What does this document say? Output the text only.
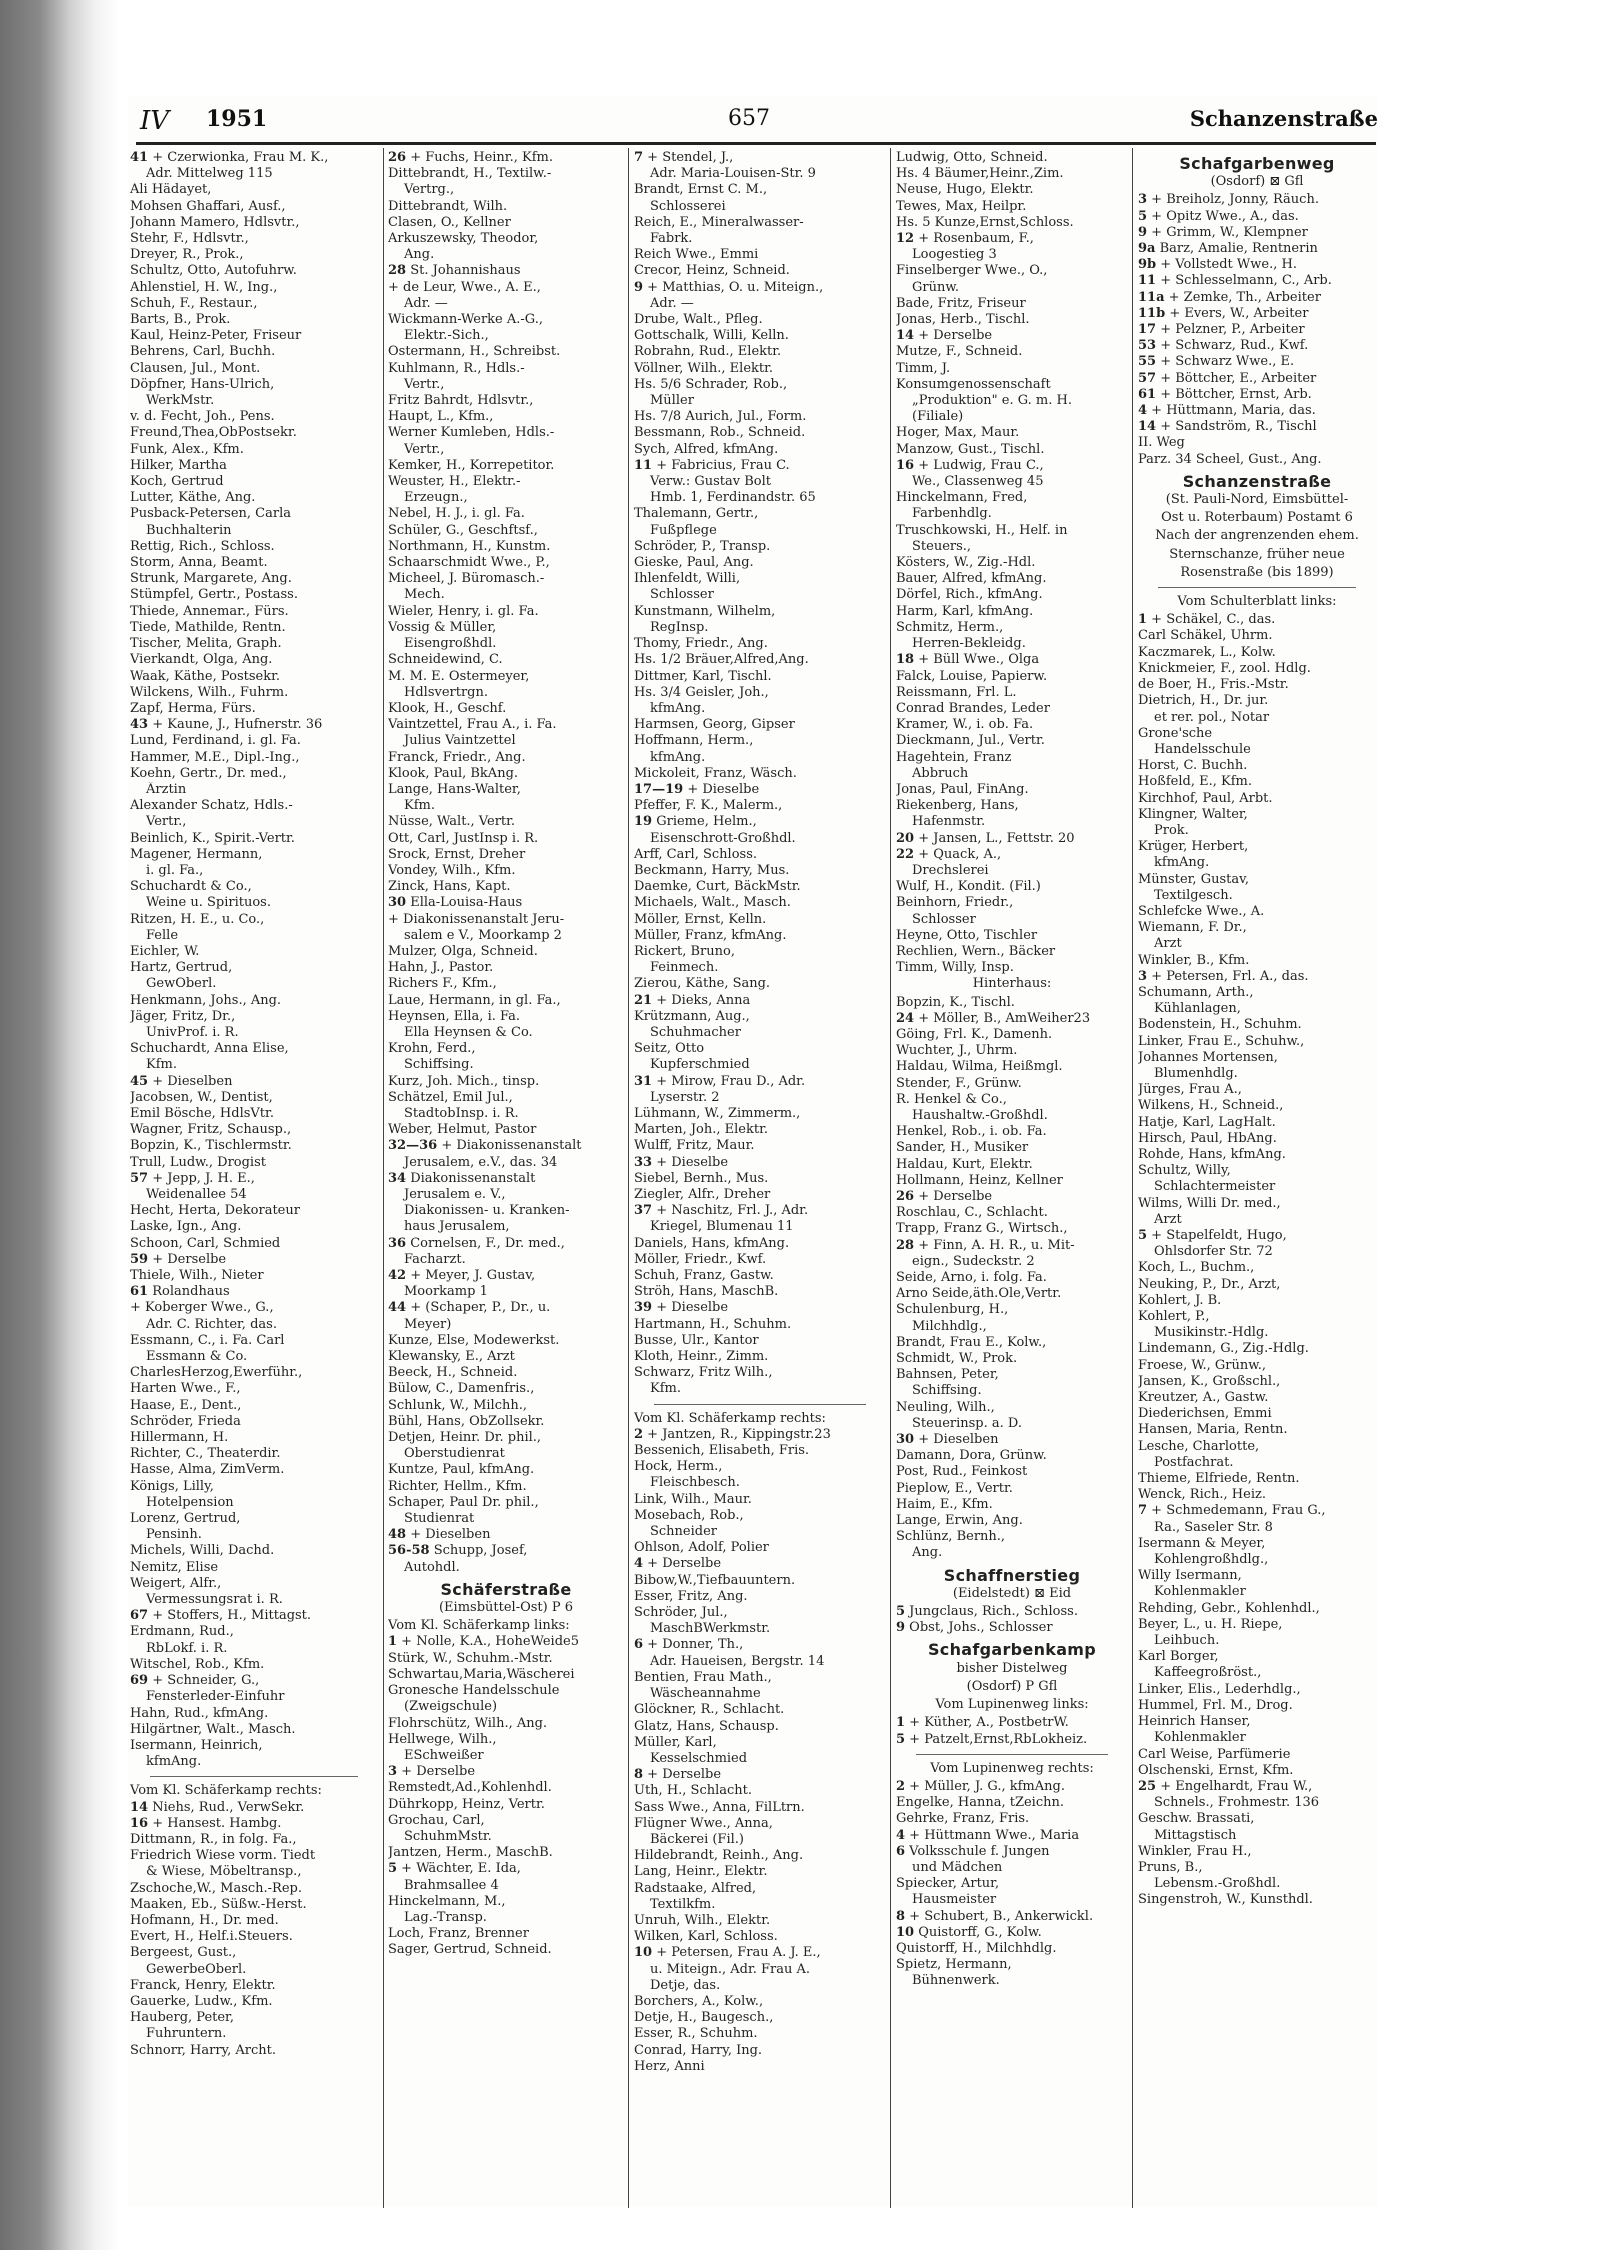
IV 1951	657	Schanzenstraße
41 + Czerwionka, Frau M. K.,
Adr. Mittelweg 115
Ali Hädayet,
Mohsen Ghaffari, Ausf.,
Johann Mamero, Hdlsvtr.,
Stehr, F., Hdlsvtr.,
Dreyer, R., Prok.,
Schultz, Otto, Autofuhrw.
Ahlenstiel, H. W., Ing.,
Schuh, F., Restaur.,
Barts, B., Prok.
Kaul, Heinz-Peter, Friseur
Behrens, Carl, Buchh.
Clausen, Jul., Mont.
Döpfner, Hans-Ulrich,
WerkMstr.
v. d. Fecht, Joh., Pens.
Freund,Thea,ObPostsekr.
Funk, Alex., Kfm.
Hilker, Martha
Koch, Gertrud
Lutter, Käthe, Ang.
Pusback-Petersen, Carla
Buchhalterin
Rettig, Rich., Schloss.
Storm, Anna, Beamt.
Strunk, Margarete, Ang.
Stümpfel, Gertr., Postass.
Thiede, Annemar., Fürs.
Tiede, Mathilde, Rentn.
Tischer, Melita, Graph.
Vierkandt, Olga, Ang.
Waak, Käthe, Postsekr.
Wilckens, Wilh., Fuhrm.
Zapf, Herma, Fürs.
43 + Kaune, J., Hufnerstr. 36
Lund, Ferdinand, i. gl. Fa.
Hammer, M.E., Dipl.-Ing.,
Koehn, Gertr., Dr. med.,
Ärztin
Alexander Schatz, Hdls.-
Vertr.,
Beinlich, K., Spirit.-Vertr.
Magener, Hermann,
i. gl. Fa.,
Schuchardt & Co.,
Weine u. Spirituos.
Ritzen, H. E., u. Co.,
Felle
Eichler, W.
Hartz, Gertrud,
GewOberl.
Henkmann, Johs., Ang.
Jäger, Fritz, Dr.,
UnivProf. i. R.
Schuchardt, Anna Elise,
Kfm.
45 + Dieselben
Jacobsen, W., Dentist,
Emil Bösche, HdlsVtr.
Wagner, Fritz, Schausp.,
Bopzin, K., Tischlermstr.
Trull, Ludw., Drogist
57 + Jepp, J. H. E.,
Weidenallee 54
Hecht, Herta, Dekorateur
Laske, Ign., Ang.
Schoon, Carl, Schmied
59 + Derselbe
Thiele, Wilh., Nieter
61 Rolandhaus
+ Koberger Wwe., G.,
Adr. C. Richter, das.
Essmann, C., i. Fa. Carl
Essmann & Co.
CharlesHerzog,Ewerführ.,
Harten Wwe., F.,
Haase, E., Dent.,
Schröder, Frieda
Hillermann, H.
Richter, C., Theaterdir.
Hasse, Alma, ZimVerm.
Königs, Lilly,
Hotelpension
Lorenz, Gertrud,
Pensinh.
Michels, Willi, Dachd.
Nemitz, Elise
Weigert, Alfr.,
Vermessungsrat i. R.
67 + Stoffers, H., Mittagst.
Erdmann, Rud.,
RbLokf. i. R.
Witschel, Rob., Kfm.
69 + Schneider, G.,
Fensterleder-Einfuhr
Hahn, Rud., kfmAng.
Hilgärtner, Walt., Masch.
Isermann, Heinrich,
kfmAng.
Vom Kl. Schäferkamp rechts:
14 Niehs, Rud., VerwSekr.
16 + Hansest. Hambg.
Dittmann, R., in folg. Fa.,
Friedrich Wiese vorm. Tiedt
& Wiese, Möbeltransp.,
Zschoche,W., Masch.-Rep.
Maaken, Eb., Süßw.-Herst.
Hofmann, H., Dr. med.
Evert, H., Helf.i.Steuers.
Bergeest, Gust.,
GewerbeOberl.
Franck, Henry, Elektr.
Gauerke, Ludw., Kfm.
Hauberg, Peter,
Fuhruntern.
Schnorr, Harry, Archt.
26 + Fuchs, Heinr., Kfm.
Dittebrandt, H., Textilw.-
Vertrg.,
Dittebrandt, Wilh.
Clasen, O., Kellner
Arkuszewsky, Theodor,
Ang.
28 St. Johannishaus
+ de Leur, Wwe., A. E.,
Adr. —
Wickmann-Werke A.-G.,
Elektr.-Sich.,
Ostermann, H., Schreibst.
Kuhlmann, R., Hdls.-
Vertr.,
Fritz Bahrdt, Hdlsvtr.,
Haupt, L., Kfm.,
Werner Kumleben, Hdls.-
Vertr.,
Kemker, H., Korrepetitor.
Weuster, H., Elektr.-
Erzeugn.,
Nebel, H. J., i. gl. Fa.
Schüler, G., Geschftsf.,
Northmann, H., Kunstm.
Schaarschmidt Wwe., P.,
Micheel, J. Büromasch.-
Mech.
Wieler, Henry, i. gl. Fa.
Vossig & Müller,
Eisengroßhdl.
Schneidewind, C.
M. M. E. Ostermeyer,
Hdlsvertrgn.
Klook, H., Geschf.
Vaintzettel, Frau A., i. Fa.
Julius Vaintzettel
Franck, Friedr., Ang.
Klook, Paul, BkAng.
Lange, Hans-Walter,
Kfm.
Nüsse, Walt., Vertr.
Ott, Carl, JustInsp i. R.
Srock, Ernst, Dreher
Vondey, Wilh., Kfm.
Zinck, Hans, Kapt.
30 Ella-Louisa-Haus
+ Diakonissenanstalt Jeru-
salem e V., Moorkamp 2
Mulzer, Olga, Schneid.
Hahn, J., Pastor.
Richers F., Kfm.,
Laue, Hermann, in gl. Fa.,
Heynsen, Ella, i. Fa.
Ella Heynsen & Co.
Krohn, Ferd.,
Schiffsing.
Kurz, Joh. Mich., tinsp.
Schätzel, Emil Jul.,
StadtobInsp. i. R.
Weber, Helmut, Pastor
32—36 + Diakonissenanstalt
Jerusalem, e.V., das. 34
34 Diakonissenanstalt
Jerusalem e. V.,
Diakonissen- u. Kranken-
haus Jerusalem,
36 Cornelsen, F., Dr. med.,
Facharzt.
42 + Meyer, J. Gustav,
Moorkamp 1
44 + (Schaper, P., Dr., u.
Meyer)
Kunze, Else, Modewerkst.
Klewansky, E., Arzt
Beeck, H., Schneid.
Bülow, C., Damenfris.,
Schlunk, W., Milchh.,
Bühl, Hans, ObZollsekr.
Detjen, Heinr. Dr. phil.,
Oberstudienrat
Kuntze, Paul, kfmAng.
Richter, Hellm., Kfm.
Schaper, Paul Dr. phil.,
Studienrat
48 + Dieselben
56-58 Schupp, Josef,
Autohdl.
Schäferstraße
(Eimsbüttel-Ost) P 6
Vom Kl. Schäferkamp links:
1 + Nolle, K.A., HoheWeide5
Stürk, W., Schuhm.-Mstr.
Schwartau,Maria,Wäscherei
Gronesche Handelsschule
(Zweigschule)
Flohrschütz, Wilh., Ang.
Hellwege, Wilh.,
ESchweißer
3 + Derselbe
Remstedt,Ad.,Kohlenhdl.
Dührkopp, Heinz, Vertr.
Grochau, Carl,
SchuhmMstr.
Jantzen, Herm., MaschB.
5 + Wächter, E. Ida,
Brahmsallee 4
Hinckelmann, M.,
Lag.-Transp.
Loch, Franz, Brenner
Sager, Gertrud, Schneid.
7 + Stendel, J.,
Adr. Maria-Louisen-Str. 9
Brandt, Ernst C. M.,
Schlosserei
Reich, E., Mineralwasser-
Fabrk.
Reich Wwe., Emmi
Crecor, Heinz, Schneid.
9 + Matthias, O. u. Miteign.,
Adr. —
Drube, Walt., Pfleg.
Gottschalk, Willi, Kelln.
Robrahn, Rud., Elektr.
Völlner, Wilh., Elektr.
Hs. 5/6 Schrader, Rob.,
Müller
Hs. 7/8 Aurich, Jul., Form.
Bessmann, Rob., Schneid.
Sych, Alfred, kfmAng.
11 + Fabricius, Frau C.
Verw.: Gustav Bolt
Hmb. 1, Ferdinandstr. 65
Thalemann, Gertr.,
Fußpflege
Schröder, P., Transp.
Gieske, Paul, Ang.
Ihlenfeldt, Willi,
Schlosser
Kunstmann, Wilhelm,
RegInsp.
Thomy, Friedr., Ang.
Hs. 1/2 Bräuer,Alfred,Ang.
Dittmer, Karl, Tischl.
Hs. 3/4 Geisler, Joh.,
kfmAng.
Harmsen, Georg, Gipser
Hoffmann, Herm.,
kfmAng.
Mickoleit, Franz, Wäsch.
17—19 + Dieselbe
Pfeffer, F. K., Malerm.,
19 Grieme, Helm.,
Eisenschrott-Großhdl.
Arff, Carl, Schloss.
Beckmann, Harry, Mus.
Daemke, Curt, BäckMstr.
Michaels, Walt., Masch.
Möller, Ernst, Kelln.
Müller, Franz, kfmAng.
Rickert, Bruno,
Feinmech.
Zierou, Käthe, Sang.
21 + Dieks, Anna
Krützmann, Aug.,
Schuhmacher
Seitz, Otto
Kupferschmied
31 + Mirow, Frau D., Adr.
Lyserstr. 2
Lühmann, W., Zimmerm.,
Marten, Joh., Elektr.
Wulff, Fritz, Maur.
33 + Dieselbe
Siebel, Bernh., Mus.
Ziegler, Alfr., Dreher
37 + Naschitz, Frl. J., Adr.
Kriegel, Blumenau 11
Daniels, Hans, kfmAng.
Möller, Friedr., Kwf.
Schuh, Franz, Gastw.
Ströh, Hans, MaschB.
39 + Dieselbe
Hartmann, H., Schuhm.
Busse, Ulr., Kantor
Kloth, Heinr., Zimm.
Schwarz, Fritz Wilh.,
Kfm.
Vom Kl. Schäferkamp rechts:
2 + Jantzen, R., Kippingstr.23
Bessenich, Elisabeth, Fris.
Hock, Herm.,
Fleischbesch.
Link, Wilh., Maur.
Mosebach, Rob.,
Schneider
Ohlson, Adolf, Polier
4 + Derselbe
Bibow,W.,Tiefbauuntern.
Esser, Fritz, Ang.
Schröder, Jul.,
MaschBWerkmstr.
6 + Donner, Th.,
Adr. Haueisen, Bergstr. 14
Bentien, Frau Math.,
Wäscheannahme
Glöckner, R., Schlacht.
Glatz, Hans, Schausp.
Müller, Karl,
Kesselschmied
8 + Derselbe
Uth, H., Schlacht.
Sass Wwe., Anna, FilLtrn.
Flügner Wwe., Anna,
Bäckerei (Fil.)
Hildebrandt, Reinh., Ang.
Lang, Heinr., Elektr.
Radstaake, Alfred,
Textilkfm.
Unruh, Wilh., Elektr.
Wilken, Karl, Schloss.
10 + Petersen, Frau A. J. E.,
u. Miteign., Adr. Frau A.
Detje, das.
Borchers, A., Kolw.,
Detje, H., Baugesch.,
Esser, R., Schuhm.
Conrad, Harry, Ing.
Herz, Anni
Ludwig, Otto, Schneid.
Hs. 4 Bäumer,Heinr.,Zim.
Neuse, Hugo, Elektr.
Tewes, Max, Heilpr.
Hs. 5 Kunze,Ernst,Schloss.
12 + Rosenbaum, F.,
Loogestieg 3
Finselberger Wwe., O.,
Grünw.
Bade, Fritz, Friseur
Jonas, Herb., Tischl.
14 + Derselbe
Mutze, F., Schneid.
Timm, J.
Konsumgenossenschaft
„Produktion" e. G. m. H.
(Filiale)
Hoger, Max, Maur.
Manzow, Gust., Tischl.
16 + Ludwig, Frau C.,
We., Classenweg 45
Hinckelmann, Fred,
Farbenhdlg.
Truschkowski, H., Helf. in
Steuers.,
Kösters, W., Zig.-Hdl.
Bauer, Alfred, kfmAng.
Dörfel, Rich., kfmAng.
Harm, Karl, kfmAng.
Schmitz, Herm.,
Herren-Bekleidg.
18 + Büll Wwe., Olga
Falck, Louise, Papierw.
Reissmann, Frl. L.
Conrad Brandes, Leder
Kramer, W., i. ob. Fa.
Dieckmann, Jul., Vertr.
Hagehtein, Franz
Abbruch
Jonas, Paul, FinAng.
Riekenberg, Hans,
Hafenmstr.
20 + Jansen, L., Fettstr. 20
22 + Quack, A.,
Drechslerei
Wulf, H., Kondit. (Fil.)
Beinhorn, Friedr.,
Schlosser
Heyne, Otto, Tischler
Rechlien, Wern., Bäcker
Timm, Willy, Insp.
Hinterhaus:
Bopzin, K., Tischl.
24 + Möller, B., AmWeiher23
Göing, Frl. K., Damenh.
Wuchter, J., Uhrm.
Haldau, Wilma, Heißmgl.
Stender, F., Grünw.
R. Henkel & Co.,
Haushaltw.-Großhdl.
Henkel, Rob., i. ob. Fa.
Sander, H., Musiker
Haldau, Kurt, Elektr.
Hollmann, Heinz, Kellner
26 + Derselbe
Roschlau, C., Schlacht.
Trapp, Franz G., Wirtsch.,
28 + Finn, A. H. R., u. Mit-
eign., Sudeckstr. 2
Seide, Arno, i. folg. Fa.
Arno Seide,äth.Ole,Vertr.
Schulenburg, H.,
Milchhdlg.,
Brandt, Frau E., Kolw.,
Schmidt, W., Prok.
Bahnsen, Peter,
Schiffsing.
Neuling, Wilh.,
Steuerinsp. a. D.
30 + Dieselben
Damann, Dora, Grünw.
Post, Rud., Feinkost
Pieplow, E., Vertr.
Haim, E., Kfm.
Lange, Erwin, Ang.
Schlünz, Bernh.,
Ang.
Schaffnerstieg
(Eidelstedt) ⊠ Eid
5 Jungclaus, Rich., Schloss.
9 Obst, Johs., Schlosser
Schafgarbenkamp
bisher Distelweg
(Osdorf) P Gfl
Vom Lupinenweg links:
1 + Küther, A., PostbetrW.
5 + Patzelt,Ernst,RbLokheiz.
Vom Lupinenweg rechts:
2 + Müller, J. G., kfmAng.
Engelke, Hanna, tZeichn.
Gehrke, Franz, Fris.
4 + Hüttmann Wwe., Maria
6 Volksschule f. Jungen
und Mädchen
Spiecker, Artur,
Hausmeister
8 + Schubert, B., Ankerwickl.
10 Quistorff, G., Kolw.
Quistorff, H., Milchhdlg.
Spietz, Hermann,
Bühnenwerk.
Schafgarbenweg
(Osdorf) ⊠ Gfl
3 + Breiholz, Jonny, Räuch.
5 + Opitz Wwe., A., das.
9 + Grimm, W., Klempner
9a Barz, Amalie, Rentnerin
9b + Vollstedt Wwe., H.
11 + Schlesselmann, C., Arb.
11a + Zemke, Th., Arbeiter
11b + Evers, W., Arbeiter
17 + Pelzner, P., Arbeiter
53 + Schwarz, Rud., Kwf.
55 + Schwarz Wwe., E.
57 + Böttcher, E., Arbeiter
61 + Böttcher, Ernst, Arb.
4 + Hüttmann, Maria, das.
14 + Sandström, R., Tischl
II. Weg
Parz. 34 Scheel, Gust., Ang.
Schanzenstraße
(St. Pauli-Nord, Eimsbüttel-
Ost u. Roterbaum) Postamt 6
Nach der angrenzenden ehem.
Sternschanze, früher neue
Rosenstraße (bis 1899)
Vom Schulterblatt links:
1 + Schäkel, C., das.
Carl Schäkel, Uhrm.
Kaczmarek, L., Kolw.
Knickmeier, F., zool. Hdlg.
de Boer, H., Fris.-Mstr.
Dietrich, H., Dr. jur.
et rer. pol., Notar
Grone'sche
Handelsschule
Horst, C. Buchh.
Hoßfeld, E., Kfm.
Kirchhof, Paul, Arbt.
Klingner, Walter,
Prok.
Krüger, Herbert,
kfmAng.
Münster, Gustav,
Textilgesch.
Schlefcke Wwe., A.
Wiemann, F. Dr.,
Arzt
Winkler, B., Kfm.
3 + Petersen, Frl. A., das.
Schumann, Arth.,
Kühlanlagen,
Bodenstein, H., Schuhm.
Linker, Frau E., Schuhw.,
Johannes Mortensen,
Blumenhdlg.
Jürges, Frau A.,
Wilkens, H., Schneid.,
Hatje, Karl, LagHalt.
Hirsch, Paul, HbAng.
Rohde, Hans, kfmAng.
Schultz, Willy,
Schlachtermeister
Wilms, Willi Dr. med.,
Arzt
5 + Stapelfeldt, Hugo,
Ohlsdorfer Str. 72
Koch, L., Buchm.,
Neuking, P., Dr., Arzt,
Kohlert, J. B.
Kohlert, P.,
Musikinstr.-Hdlg.
Lindemann, G., Zig.-Hdlg.
Froese, W., Grünw.,
Jansen, K., Großschl.,
Kreutzer, A., Gastw.
Diederichsen, Emmi
Hansen, Maria, Rentn.
Lesche, Charlotte,
Postfachrat.
Thieme, Elfriede, Rentn.
Wenck, Rich., Heiz.
7 + Schmedemann, Frau G.,
Ra., Saseler Str. 8
Isermann & Meyer,
Kohlengroßhdlg.,
Willy Isermann,
Kohlenmakler
Rehding, Gebr., Kohlenhdl.,
Beyer, L., u. H. Riepe,
Leihbuch.
Karl Borger,
Kaffeegroßröst.,
Linker, Elis., Lederhdlg.,
Hummel, Frl. M., Drog.
Heinrich Hanser,
Kohlenmakler
Carl Weise, Parfümerie
Olschenski, Ernst, Kfm.
25 + Engelhardt, Frau W.,
Schnels., Frohmestr. 136
Geschw. Brassati,
Mittagstisch
Winkler, Frau H.,
Pruns, B.,
Lebensm.-Großhdl.
Singenstroh, W., Kunsthdl.
